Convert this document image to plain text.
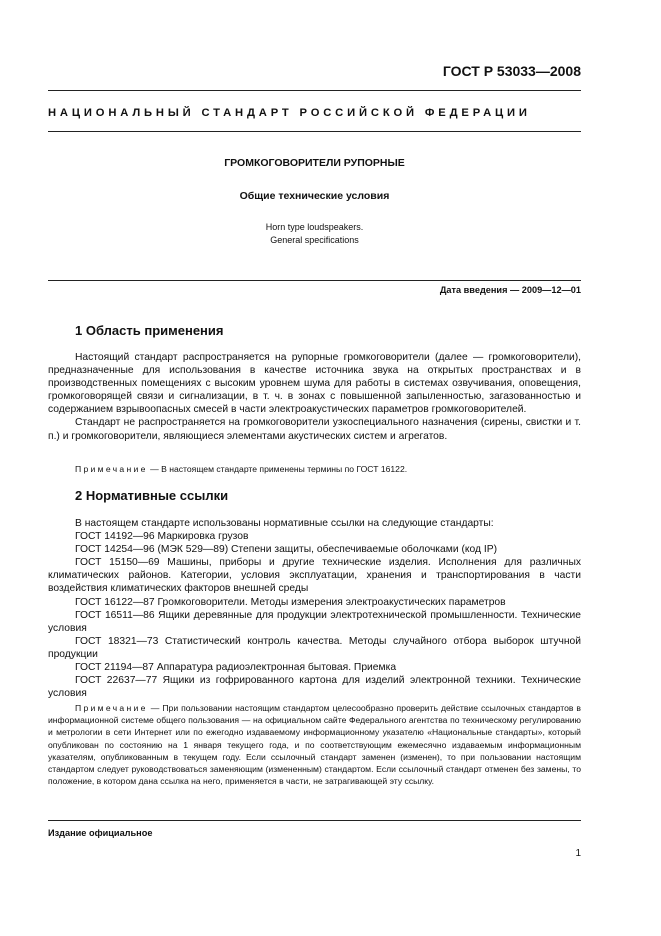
ГОСТ Р 53033—2008
НАЦИОНАЛЬНЫЙ СТАНДАРТ РОССИЙСКОЙ ФЕДЕРАЦИИ
ГРОМКОГОВОРИТЕЛИ РУПОРНЫЕ
Общие технические условия
Horn type loudspeakers.
General specifications
Дата введения — 2009—12—01
1 Область применения

Настоящий стандарт распространяется на рупорные громкоговорители (далее — громкоговорители), предназначенные для использования в качестве источника звука на открытых пространствах и в производственных помещениях с высоким уровнем шума для работы в системах озвучивания, оповещения, громкоговорящей связи и сигнализации, в т. ч. в зонах с повышенной запыленностью, загазованностью и содержанием взрывоопасных смесей в части электроакустических параметров громкоговорителей.

Стандарт не распространяется на громкоговорители узкоспециального назначения (сирены, свистки и т. п.) и громкоговорители, являющиеся элементами акустических систем и агрегатов.

Примечание — В настоящем стандарте применены термины по ГОСТ 16122.

2 Нормативные ссылки

В настоящем стандарте использованы нормативные ссылки на следующие стандарты:

ГОСТ 14192—96 Маркировка грузов

ГОСТ 14254—96 (МЭК 529—89) Степени защиты, обеспечиваемые оболочками (код IP)

ГОСТ 15150—69 Машины, приборы и другие технические изделия. Исполнения для различных климатических районов. Категории, условия эксплуатации, хранения и транспортирования в части воздействия климатических факторов внешней среды

ГОСТ 16122—87 Громкоговорители. Методы измерения электроакустических параметров

ГОСТ 16511—86 Ящики деревянные для продукции электротехнической промышленности. Технические условия

ГОСТ 18321—73 Статистический контроль качества. Методы случайного отбора выборок штучной продукции

ГОСТ 21194—87 Аппаратура радиоэлектронная бытовая. Приемка

ГОСТ 22637—77 Ящики из гофрированного картона для изделий электронной техники. Технические условия

Примечание — При пользовании настоящим стандартом целесообразно проверить действие ссылочных стандартов в информационной системе общего пользования — на официальном сайте Федерального агентства по техническому регулированию и метрологии в сети Интернет или по ежегодно издаваемому информационному указателю «Национальные стандарты», который опубликован по состоянию на 1 января текущего года, и по соответствующим ежемесячно издаваемым информационным указателям, опубликованным в текущем году. Если ссылочный стандарт заменен (изменен), то при пользовании настоящим стандартом следует руководствоваться заменяющим (измененным) стандартом. Если ссылочный стандарт отменен без замены, то положение, в котором дана ссылка на него, применяется в части, не затрагивающей эту ссылку.

Издание официальное
1
